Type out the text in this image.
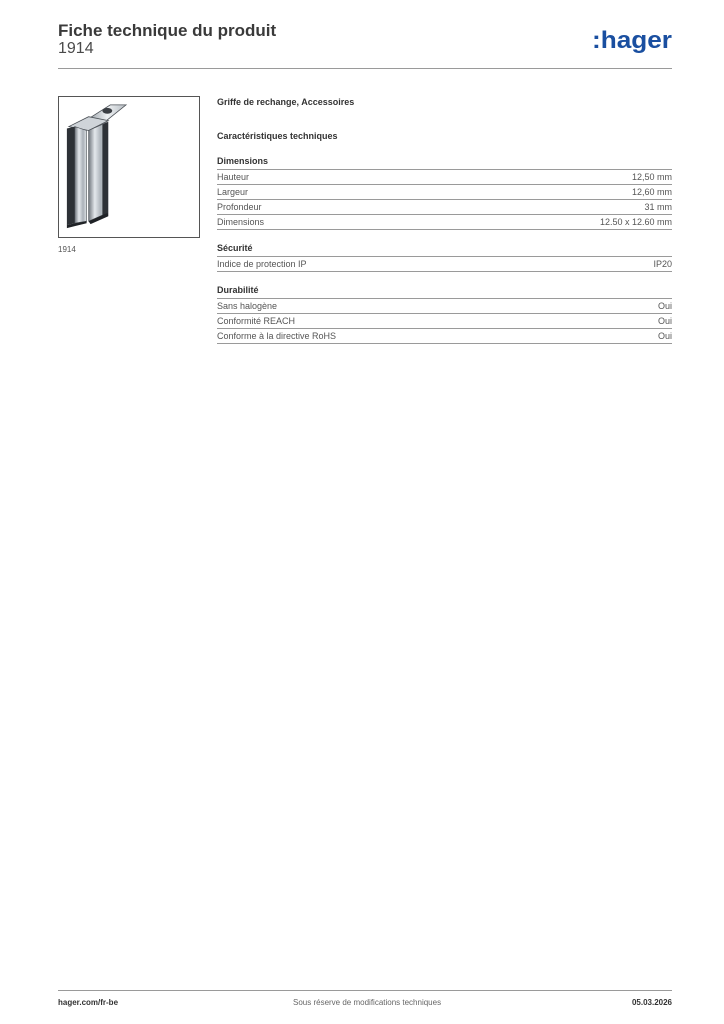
Fiche technique du produit
1914	:hager
1914
Griffe de rechange, Accessoires
Caractéristiques techniques
Dimensions
Hauteur	12,50 mm
Largeur	12,60 mm
Profondeur	31 mm
Dimensions	12.50 x 12.60 mm
Sécurité
Indice de protection IP	IP20
Durabilité
Sans halogène	Oui
Conformité REACH	Oui
Conforme à la directive RoHS	Oui
hager.com/fr-be	Sous réserve de modifications techniques	05.03.2026
